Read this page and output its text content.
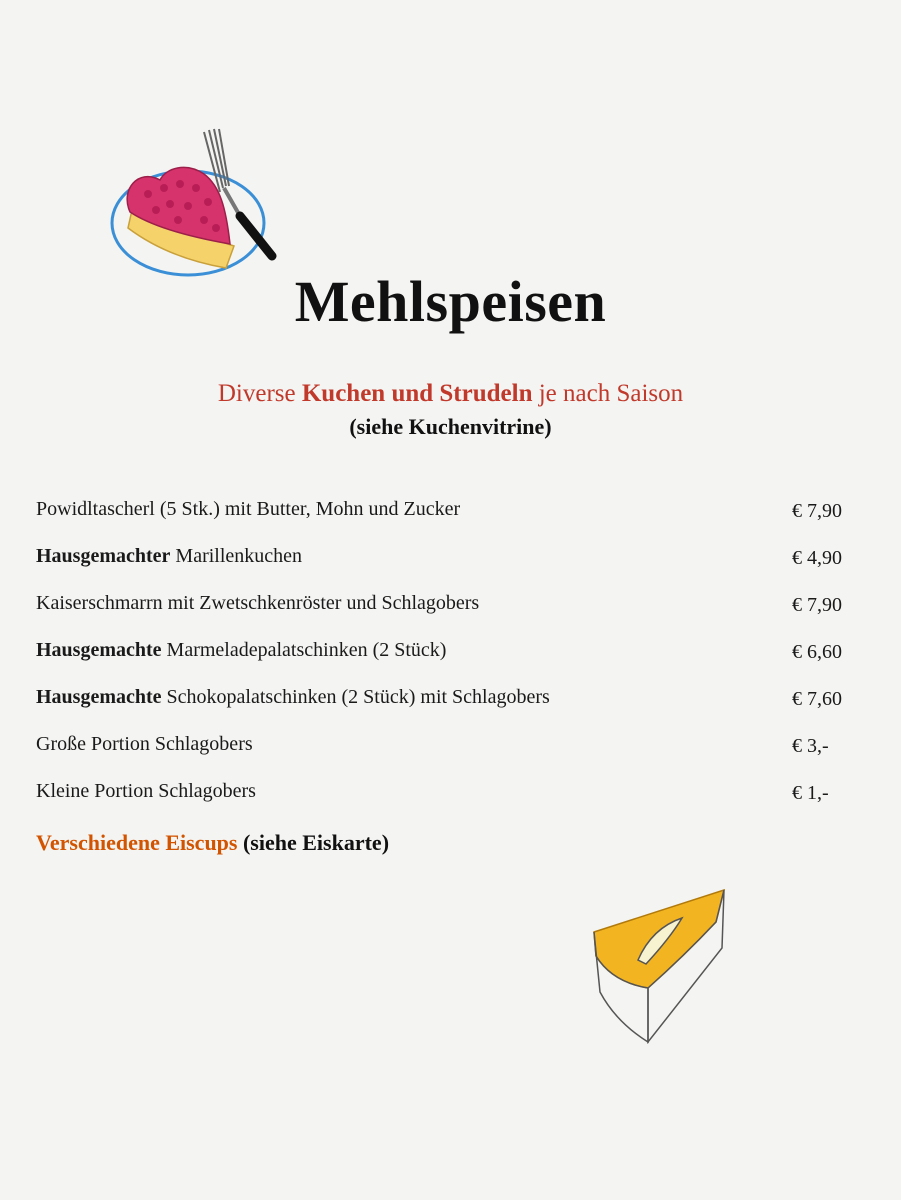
Mehlspeisen
Diverse Kuchen und Strudeln je nach Saison
(siehe Kuchenvitrine)
Powidltascherl (5 Stk.) mit Butter, Mohn und Zucker	€ 7,90
Hausgemachter Marillenkuchen	€ 4,90
Kaiserschmarrn mit Zwetschkenröster und Schlagobers	€ 7,90
Hausgemachte Marmeladepalatschinken (2 Stück)	€ 6,60
Hausgemachte Schokopalatschinken (2 Stück) mit Schlagobers	€ 7,60
Große Portion Schlagobers	€ 3,-
Kleine Portion Schlagobers	€ 1,-
Verschiedene Eiscups (siehe Eiskarte)
